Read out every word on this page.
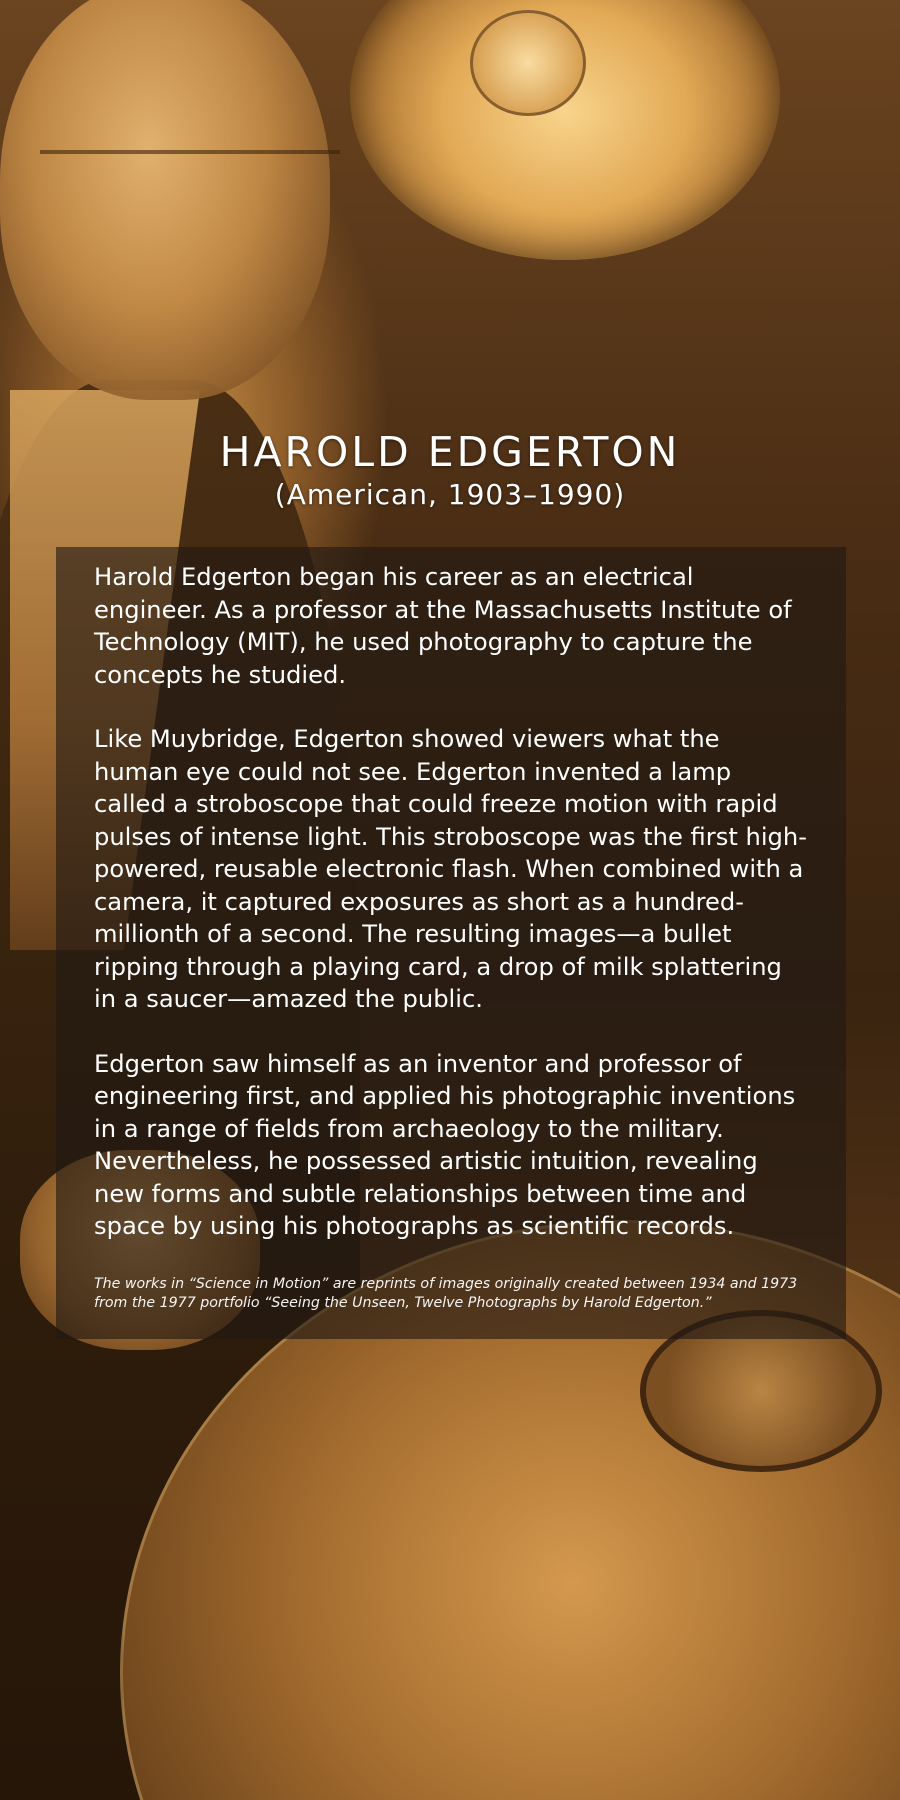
HAROLD EDGERTON
(American, 1903–1990)

Harold Edgerton began his career as an electrical engineer. As a professor at the Massachusetts Institute of Technology (MIT), he used photography to capture the concepts he studied.

Like Muybridge, Edgerton showed viewers what the human eye could not see. Edgerton invented a lamp called a stroboscope that could freeze motion with rapid pulses of intense light. This stroboscope was the first high-powered, reusable electronic flash. When combined with a camera, it captured exposures as short as a hundred-millionth of a second. The resulting images—a bullet ripping through a playing card, a drop of milk splattering in a saucer—amazed the public.

Edgerton saw himself as an inventor and professor of engineering first, and applied his photographic inventions in a range of fields from archaeology to the military. Nevertheless, he possessed artistic intuition, revealing new forms and subtle relationships between time and space by using his photographs as scientific records.

The works in “Science in Motion” are reprints of images originally created between 1934 and 1973 from the 1977 portfolio “Seeing the Unseen, Twelve Photographs by Harold Edgerton.”
